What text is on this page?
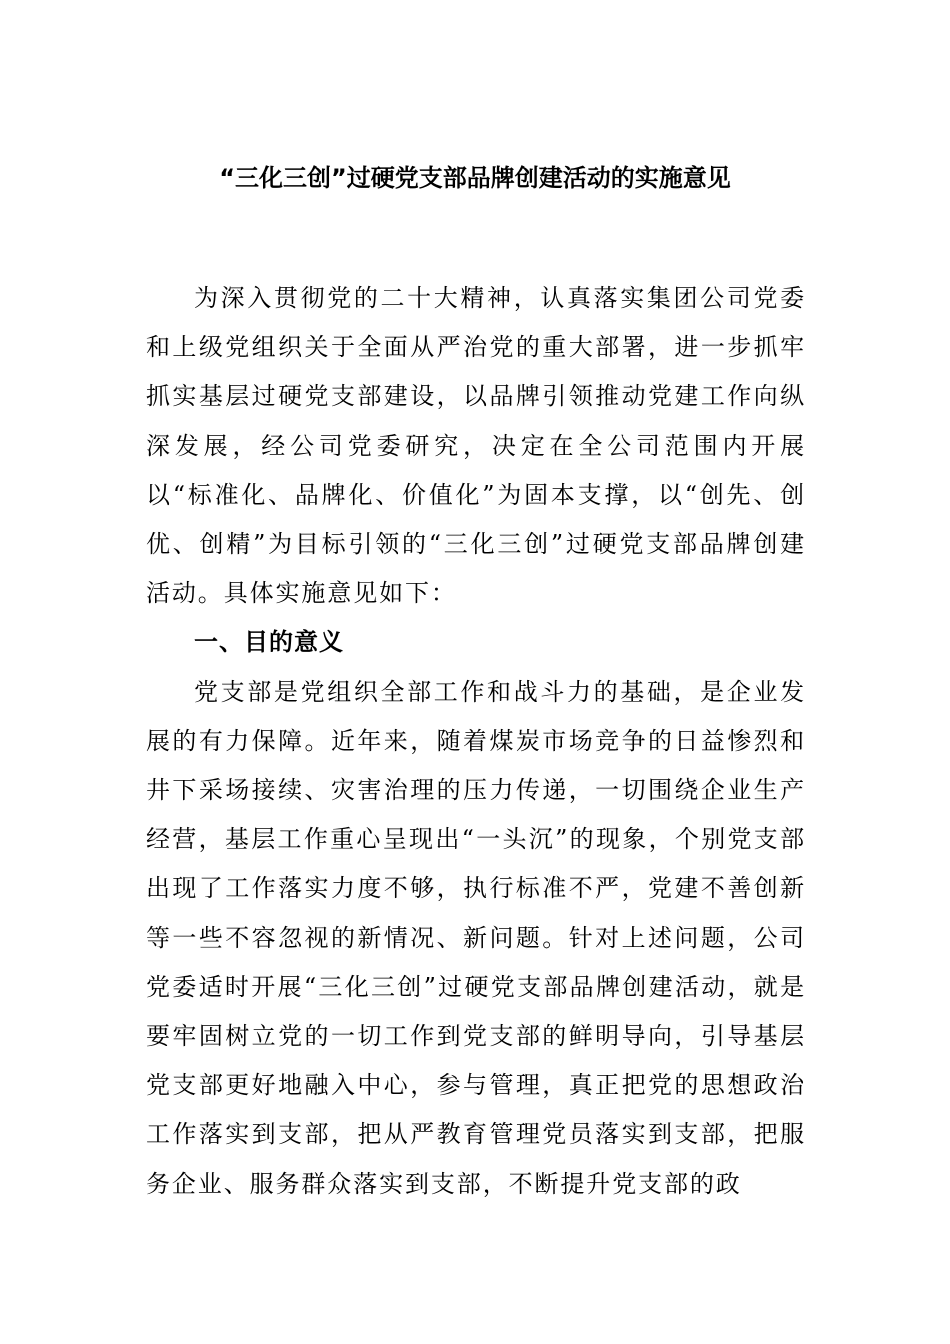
“三化三创”过硬党支部品牌创建活动的实施意见

为深入贯彻党的二十大精神，认真落实集团公司党委和上级党组织关于全面从严治党的重大部署，进一步抓牢抓实基层过硬党支部建设，以品牌引领推动党建工作向纵深发展，经公司党委研究，决定在全公司范围内开展以“标准化、品牌化、价值化”为固本支撑，以“创先、创优、创精”为目标引领的“三化三创”过硬党支部品牌创建活动。具体实施意见如下：

一、目的意义

党支部是党组织全部工作和战斗力的基础，是企业发展的有力保障。近年来，随着煤炭市场竞争的日益惨烈和井下采场接续、灾害治理的压力传递，一切围绕企业生产经营，基层工作重心呈现出“一头沉”的现象，个别党支部出现了工作落实力度不够，执行标准不严，党建不善创新等一些不容忽视的新情况、新问题。针对上述问题，公司党委适时开展“三化三创”过硬党支部品牌创建活动，就是要牢固树立党的一切工作到党支部的鲜明导向，引导基层党支部更好地融入中心，参与管理，真正把党的思想政治工作落实到支部，把从严教育管理党员落实到支部，把服务企业、服务群众落实到支部，不断提升党支部的政
